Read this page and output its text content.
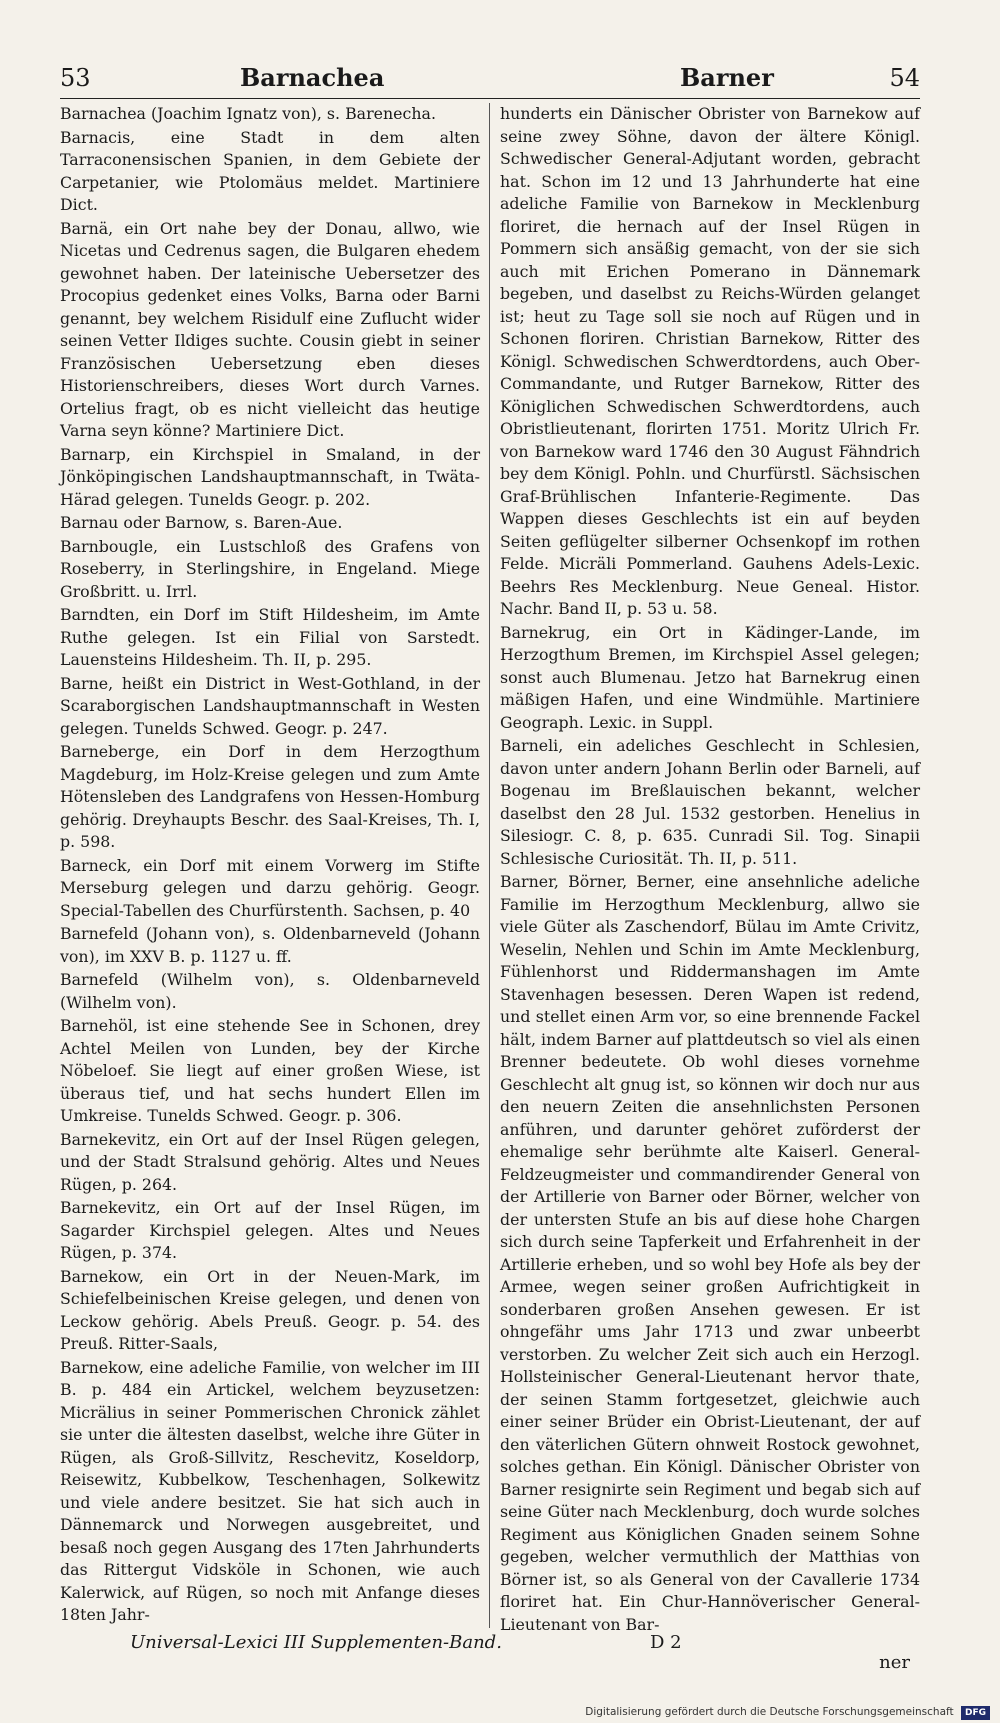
53	Barnachea	Barner	54
Barnachea (Joachim Ignatz von), s. Barenecha.
Barnacis, eine Stadt in dem alten Tarraconensischen Spanien, in dem Gebiete der Carpetanier, wie Ptolomäus meldet. Martiniere Dict.
Barnä, ein Ort nahe bey der Donau, allwo, wie Nicetas und Cedrenus sagen, die Bulgaren ehedem gewohnet haben. Der lateinische Uebersetzer des Procopius gedenket eines Volks, Barna oder Barni genannt, bey welchem Risidulf eine Zuflucht wider seinen Vetter Ildiges suchte. Cousin giebt in seiner Französischen Uebersetzung eben dieses Historienschreibers, dieses Wort durch Varnes. Ortelius fragt, ob es nicht vielleicht das heutige Varna seyn könne? Martiniere Dict.
Barnarp, ein Kirchspiel in Smaland, in der Jönköpingischen Landshauptmannschaft, in Twäta-Härad gelegen. Tunelds Geogr. p. 202.
Barnau oder Barnow, s. Baren-Aue.
Barnbougle, ein Lustschloß des Grafens von Roseberry, in Sterlingshire, in Engeland. Miege Großbritt. u. Irrl.
Barndten, ein Dorf im Stift Hildesheim, im Amte Ruthe gelegen. Ist ein Filial von Sarstedt. Lauensteins Hildesheim. Th. II, p. 295.
Barne, heißt ein District in West-Gothland, in der Scaraborgischen Landshauptmannschaft in Westen gelegen. Tunelds Schwed. Geogr. p. 247.
Barneberge, ein Dorf in dem Herzogthum Magdeburg, im Holz-Kreise gelegen und zum Amte Hötensleben des Landgrafens von Hessen-Homburg gehörig. Dreyhaupts Beschr. des Saal-Kreises, Th. I, p. 598.
Barneck, ein Dorf mit einem Vorwerg im Stifte Merseburg gelegen und darzu gehörig. Geogr. Special-Tabellen des Churfürstenth. Sachsen, p. 40
Barnefeld (Johann von), s. Oldenbarneveld (Johann von), im XXV B. p. 1127 u. ff.
Barnefeld (Wilhelm von), s. Oldenbarneveld (Wilhelm von).
Barnehöl, ist eine stehende See in Schonen, drey Achtel Meilen von Lunden, bey der Kirche Nöbeloef. Sie liegt auf einer großen Wiese, ist überaus tief, und hat sechs hundert Ellen im Umkreise. Tunelds Schwed. Geogr. p. 306.
Barnekevitz, ein Ort auf der Insel Rügen gelegen, und der Stadt Stralsund gehörig. Altes und Neues Rügen, p. 264.
Barnekevitz, ein Ort auf der Insel Rügen, im Sagarder Kirchspiel gelegen. Altes und Neues Rügen, p. 374.
Barnekow, ein Ort in der Neuen-Mark, im Schiefelbeinischen Kreise gelegen, und denen von Leckow gehörig. Abels Preuß. Geogr. p. 54. des Preuß. Ritter-Saals,
Barnekow, eine adeliche Familie, von welcher im III B. p. 484 ein Artickel, welchem beyzusetzen: Micrälius in seiner Pommerischen Chronick zählet sie unter die ältesten daselbst, welche ihre Güter in Rügen, als Groß-Sillvitz, Reschevitz, Koseldorp, Reisewitz, Kubbelkow, Teschenhagen, Solkewitz und viele andere besitzet. Sie hat sich auch in Dännemarck und Norwegen ausgebreitet, und besaß noch gegen Ausgang des 17ten Jahrhunderts das Rittergut Vidsköle in Schonen, wie auch Kalerwick, auf Rügen, so noch mit Anfange dieses 18ten Jahr-
hunderts ein Dänischer Obrister von Barnekow auf seine zwey Söhne, davon der ältere Königl. Schwedischer General-Adjutant worden, gebracht hat. Schon im 12 und 13 Jahrhunderte hat eine adeliche Familie von Barnekow in Mecklenburg floriret, die hernach auf der Insel Rügen in Pommern sich ansäßig gemacht, von der sie sich auch mit Erichen Pomerano in Dännemark begeben, und daselbst zu Reichs-Würden gelanget ist; heut zu Tage soll sie noch auf Rügen und in Schonen floriren. Christian Barnekow, Ritter des Königl. Schwedischen Schwerdtordens, auch Ober-Commandante, und Rutger Barnekow, Ritter des Königlichen Schwedischen Schwerdtordens, auch Obristlieutenant, florirten 1751. Moritz Ulrich Fr. von Barnekow ward 1746 den 30 August Fähndrich bey dem Königl. Pohln. und Churfürstl. Sächsischen Graf-Brühlischen Infanterie-Regimente. Das Wappen dieses Geschlechts ist ein auf beyden Seiten geflügelter silberner Ochsenkopf im rothen Felde. Micräli Pommerland. Gauhens Adels-Lexic. Beehrs Res Mecklenburg. Neue Geneal. Histor. Nachr. Band II, p. 53 u. 58.
Barnekrug, ein Ort in Kädinger-Lande, im Herzogthum Bremen, im Kirchspiel Assel gelegen; sonst auch Blumenau. Jetzo hat Barnekrug einen mäßigen Hafen, und eine Windmühle. Martiniere Geograph. Lexic. in Suppl.
Barneli, ein adeliches Geschlecht in Schlesien, davon unter andern Johann Berlin oder Barneli, auf Bogenau im Breßlauischen bekannt, welcher daselbst den 28 Jul. 1532 gestorben. Henelius in Silesiogr. C. 8, p. 635. Cunradi Sil. Tog. Sinapii Schlesische Curiosität. Th. II, p. 511.
Barner, Börner, Berner, eine ansehnliche adeliche Familie im Herzogthum Mecklenburg, allwo sie viele Güter als Zaschendorf, Bülau im Amte Crivitz, Weselin, Nehlen und Schin im Amte Mecklenburg, Fühlenhorst und Riddermanshagen im Amte Stavenhagen besessen. Deren Wapen ist redend, und stellet einen Arm vor, so eine brennende Fackel hält, indem Barner auf plattdeutsch so viel als einen Brenner bedeutete. Ob wohl dieses vornehme Geschlecht alt gnug ist, so können wir doch nur aus den neuern Zeiten die ansehnlichsten Personen anführen, und darunter gehöret zuförderst der ehemalige sehr berühmte alte Kaiserl. General-Feldzeugmeister und commandirender General von der Artillerie von Barner oder Börner, welcher von der untersten Stufe an bis auf diese hohe Chargen sich durch seine Tapferkeit und Erfahrenheit in der Artillerie erheben, und so wohl bey Hofe als bey der Armee, wegen seiner großen Aufrichtigkeit in sonderbaren großen Ansehen gewesen. Er ist ohngefähr ums Jahr 1713 und zwar unbeerbt verstorben. Zu welcher Zeit sich auch ein Herzogl. Hollsteinischer General-Lieutenant hervor thate, der seinen Stamm fortgesetzet, gleichwie auch einer seiner Brüder ein Obrist-Lieutenant, der auf den väterlichen Gütern ohnweit Rostock gewohnet, solches gethan. Ein Königl. Dänischer Obrister von Barner resignirte sein Regiment und begab sich auf seine Güter nach Mecklenburg, doch wurde solches Regiment aus Königlichen Gnaden seinem Sohne gegeben, welcher vermuthlich der Matthias von Börner ist, so als General von der Cavallerie 1734 floriret hat. Ein Chur-Hannöverischer General-Lieutenant von Bar-
Universal-Lexici III Supplementen-Band.	D 2
ner
Digitalisierung gefördert durch die Deutsche Forschungsgemeinschaft DFG
